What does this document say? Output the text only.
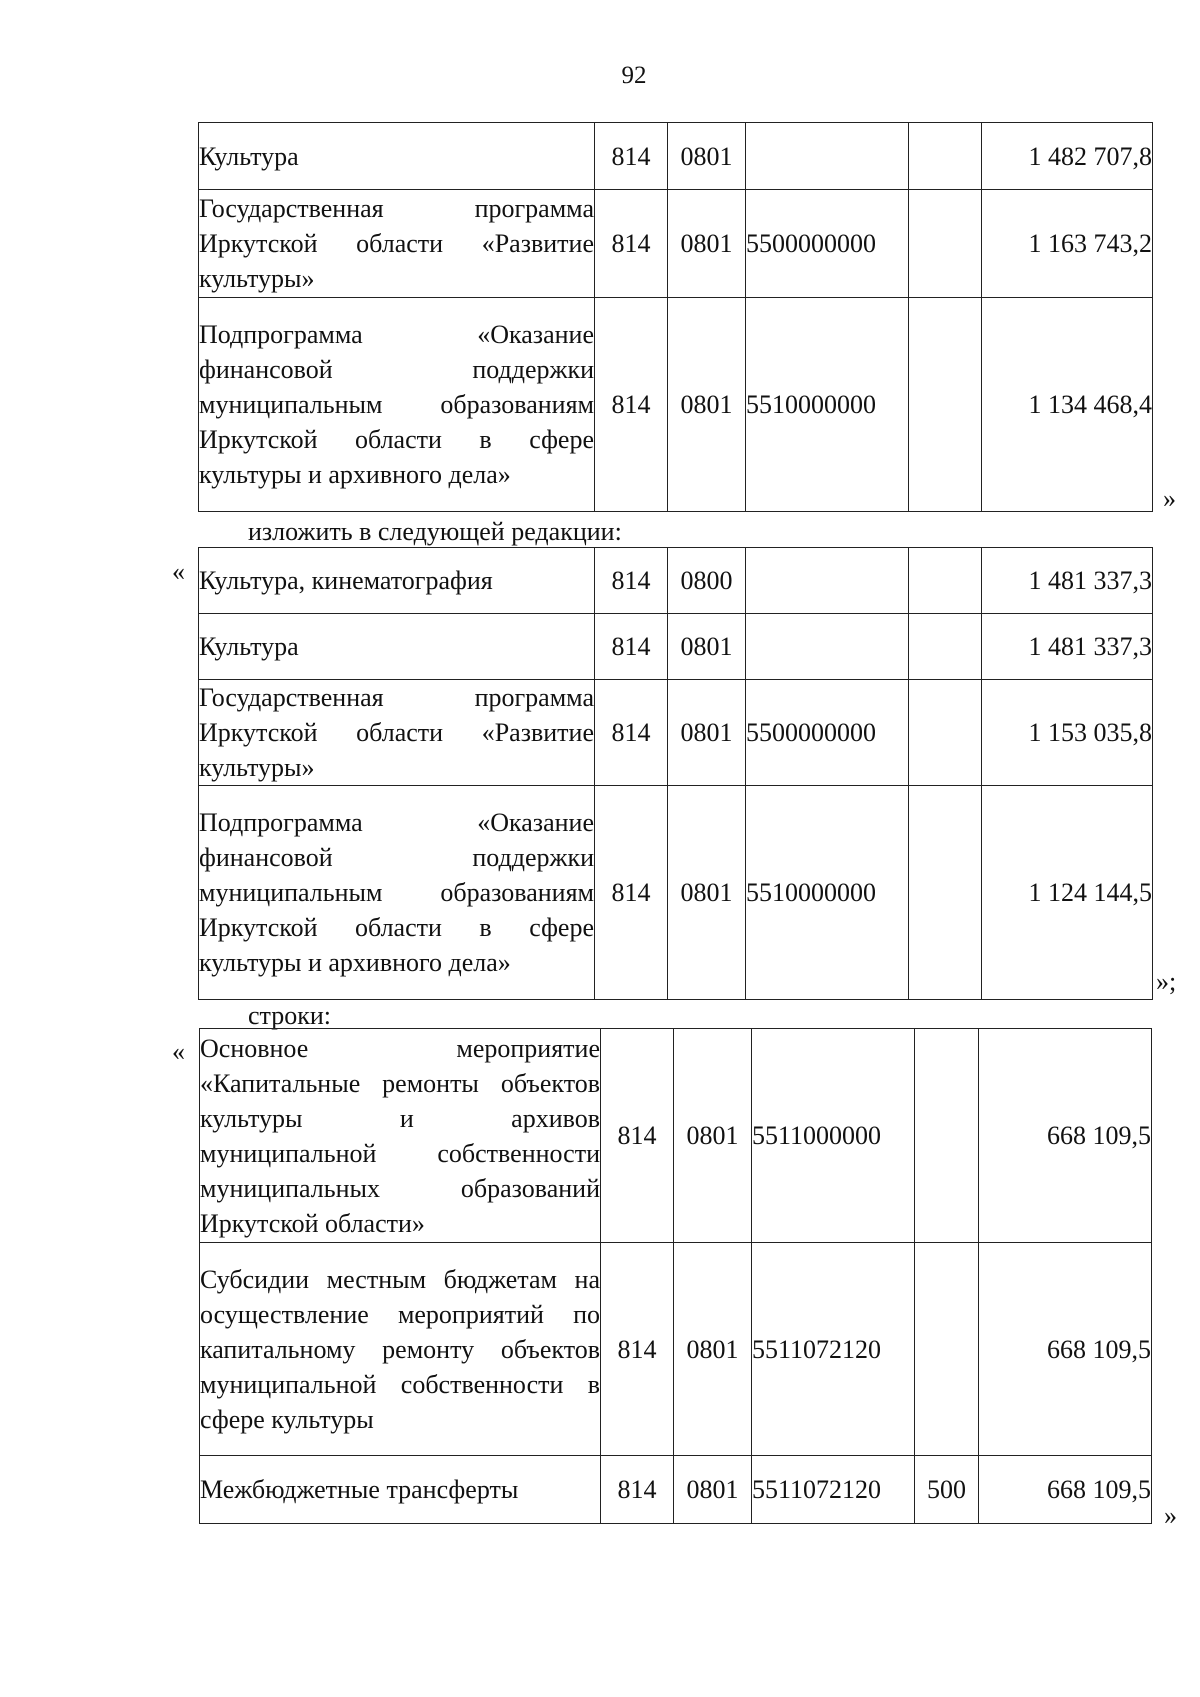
92
Культура	814	0801			1 482 707,8
Государственная программа Иркутской области «Развитие культуры»	814	0801	5500000000		1 163 743,2
Подпрограмма «Оказание финансовой поддержки муниципальным образованиям Иркутской области в сфере культуры и архивного дела»	814	0801	5510000000		1 134 468,4
»
изложить в следующей редакции:
« Культура, кинематография	814	0800			1 481 337,3
Культура	814	0801			1 481 337,3
Государственная программа Иркутской области «Развитие культуры»	814	0801	5500000000		1 153 035,8
Подпрограмма «Оказание финансовой поддержки муниципальным образованиям Иркутской области в сфере культуры и архивного дела»	814	0801	5510000000		1 124 144,5
»;
строки:
« Основное мероприятие «Капитальные ремонты объектов культуры и архивов муниципальной собственности муниципальных образований Иркутской области»	814	0801	5511000000		668 109,5
Субсидии местным бюджетам на осуществление мероприятий по капитальному ремонту объектов муниципальной собственности в сфере культуры	814	0801	5511072120		668 109,5
Межбюджетные трансферты	814	0801	5511072120	500	668 109,5
»
